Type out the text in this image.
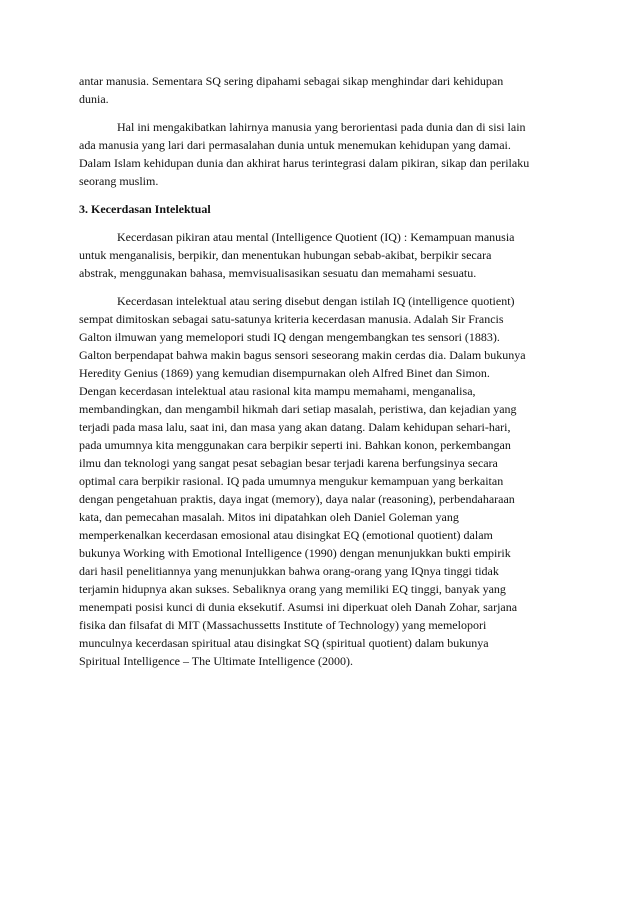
antar manusia. Sementara SQ sering dipahami sebagai sikap menghindar dari kehidupan
dunia.
Hal ini mengakibatkan lahirnya manusia yang berorientasi pada dunia dan di sisi lain
ada manusia yang lari dari permasalahan dunia untuk menemukan kehidupan yang damai.
Dalam Islam kehidupan dunia dan akhirat harus terintegrasi dalam pikiran, sikap dan perilaku
seorang muslim.
3. Kecerdasan Intelektual
Kecerdasan pikiran atau mental (Intelligence Quotient (IQ) : Kemampuan manusia
untuk menganalisis, berpikir, dan menentukan hubungan sebab-akibat, berpikir secara
abstrak, menggunakan bahasa, memvisualisasikan sesuatu dan memahami sesuatu.
Kecerdasan intelektual atau sering disebut dengan istilah IQ (intelligence quotient)
sempat dimitoskan sebagai satu-satunya kriteria kecerdasan manusia. Adalah Sir Francis
Galton ilmuwan yang memelopori studi IQ dengan mengembangkan tes sensori (1883).
Galton berpendapat bahwa makin bagus sensori seseorang makin cerdas dia. Dalam bukunya
Heredity Genius (1869) yang kemudian disempurnakan oleh Alfred Binet dan Simon.
Dengan kecerdasan intelektual atau rasional kita mampu memahami, menganalisa,
membandingkan, dan mengambil hikmah dari setiap masalah, peristiwa, dan kejadian yang
terjadi pada masa lalu, saat ini, dan masa yang akan datang. Dalam kehidupan sehari-hari,
pada umumnya kita menggunakan cara berpikir seperti ini. Bahkan konon, perkembangan
ilmu dan teknologi yang sangat pesat sebagian besar terjadi karena berfungsinya secara
optimal cara berpikir rasional. IQ pada umumnya mengukur kemampuan yang berkaitan
dengan pengetahuan praktis, daya ingat (memory), daya nalar (reasoning), perbendaharaan
kata, dan pemecahan masalah. Mitos ini dipatahkan oleh Daniel Goleman yang
memperkenalkan kecerdasan emosional atau disingkat EQ (emotional quotient) dalam
bukunya Working with Emotional Intelligence (1990) dengan menunjukkan bukti empirik
dari hasil penelitiannya yang menunjukkan bahwa orang-orang yang IQnya tinggi tidak
terjamin hidupnya akan sukses. Sebaliknya orang yang memiliki EQ tinggi, banyak yang
menempati posisi kunci di dunia eksekutif. Asumsi ini diperkuat oleh Danah Zohar, sarjana
fisika dan filsafat di MIT (Massachussetts Institute of Technology) yang memelopori
munculnya kecerdasan spiritual atau disingkat SQ (spiritual quotient) dalam bukunya
Spiritual Intelligence – The Ultimate Intelligence (2000).
